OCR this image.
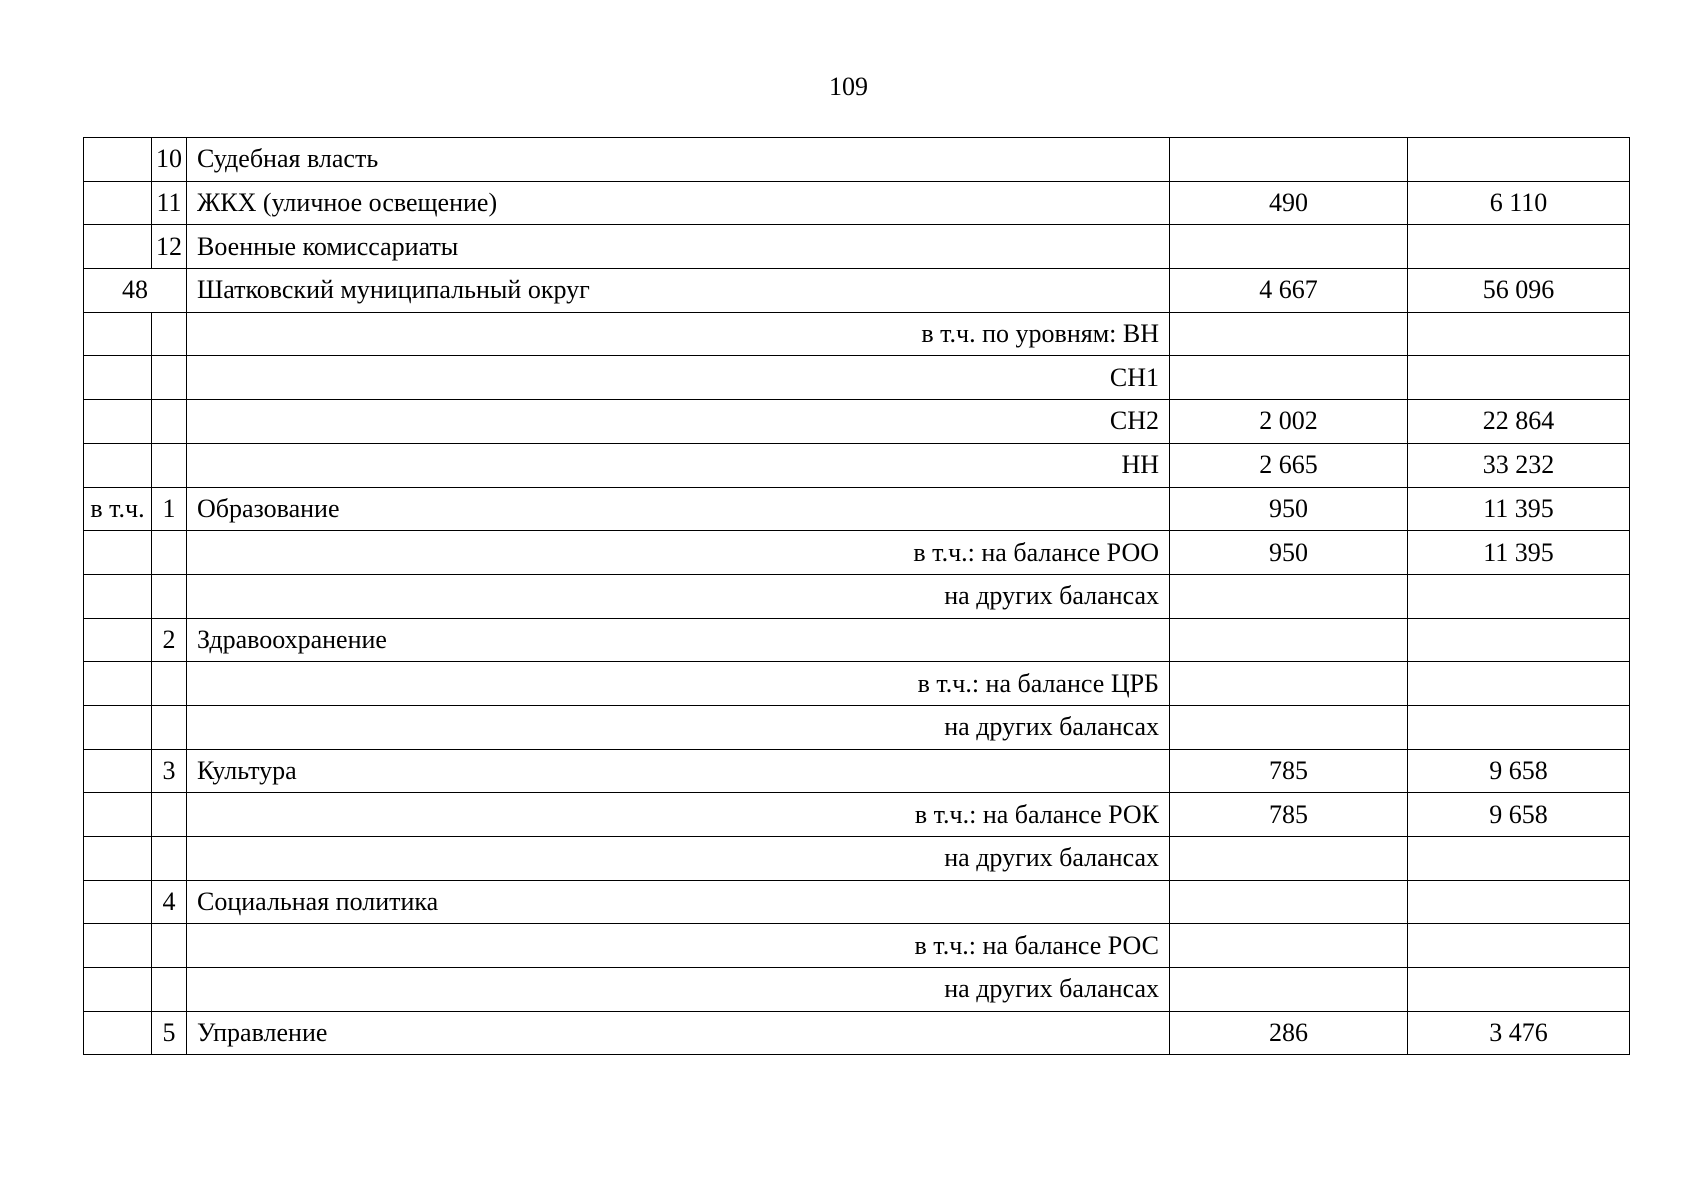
109
	10	Судебная власть		
	11	ЖКХ (уличное освещение)	490	6 110
	12	Военные комиссариаты		
48		Шатковский муниципальный округ	4 667	56 096
		в т.ч. по уровням: ВН		
		СН1		
		СН2	2 002	22 864
		НН	2 665	33 232
в т.ч.	1	Образование	950	11 395
		в т.ч.: на балансе РОО	950	11 395
		на других балансах		
	2	Здравоохранение		
		в т.ч.: на балансе ЦРБ		
		на других балансах		
	3	Культура	785	9 658
		в т.ч.: на балансе РОК	785	9 658
		на других балансах		
	4	Социальная политика		
		в т.ч.: на балансе РОС		
		на других балансах		
	5	Управление	286	3 476
